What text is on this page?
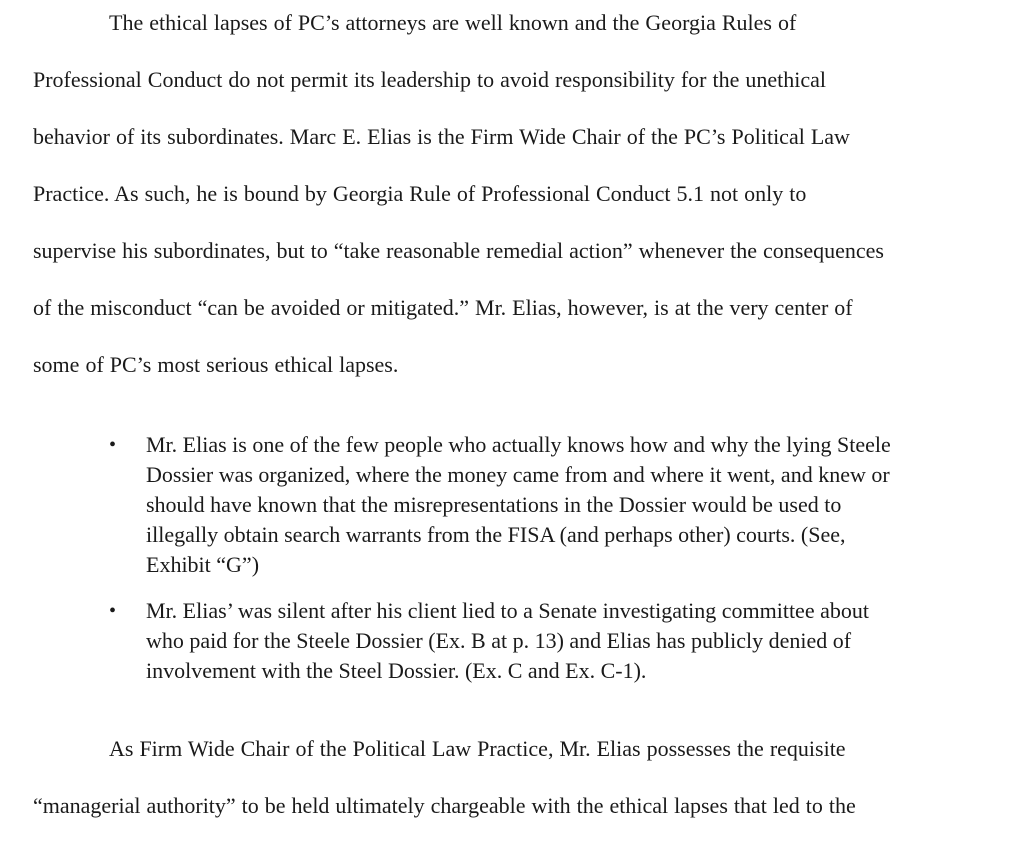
The ethical lapses of PC’s attorneys are well known and the Georgia Rules of
Professional Conduct do not permit its leadership to avoid responsibility for the unethical
behavior of its subordinates. Marc E. Elias is the Firm Wide Chair of the PC’s Political Law
Practice. As such, he is bound by Georgia Rule of Professional Conduct 5.1 not only to
supervise his subordinates, but to “take reasonable remedial action” whenever the consequences
of the misconduct “can be avoided or mitigated.” Mr. Elias, however, is at the very center of
some of PC’s most serious ethical lapses.

• Mr. Elias is one of the few people who actually knows how and why the lying Steele
Dossier was organized, where the money came from and where it went, and knew or
should have known that the misrepresentations in the Dossier would be used to
illegally obtain search warrants from the FISA (and perhaps other) courts. (See,
Exhibit “G”)

• Mr. Elias’ was silent after his client lied to a Senate investigating committee about
who paid for the Steele Dossier (Ex. B at p. 13) and Elias has publicly denied of
involvement with the Steel Dossier. (Ex. C and Ex. C-1).

As Firm Wide Chair of the Political Law Practice, Mr. Elias possesses the requisite
“managerial authority” to be held ultimately chargeable with the ethical lapses that led to the
